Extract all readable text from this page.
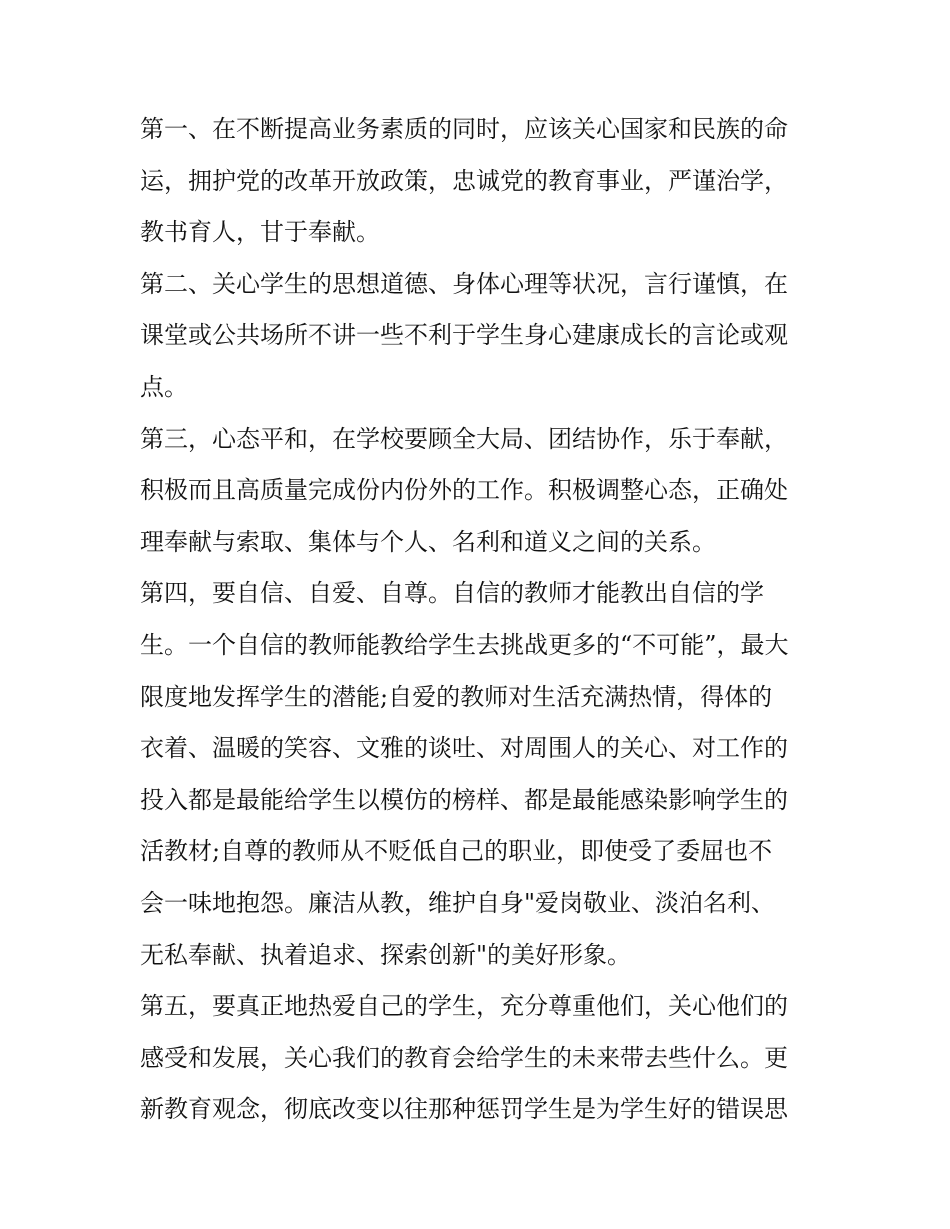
第一、在不断提高业务素质的同时，应该关心国家和民族的命
运，拥护党的改革开放政策，忠诚党的教育事业，严谨治学，
教书育人，甘于奉献。
第二、关心学生的思想道德、身体心理等状况，言行谨慎，在
课堂或公共场所不讲一些不利于学生身心建康成长的言论或观
点。
第三，心态平和，在学校要顾全大局、团结协作，乐于奉献，
积极而且高质量完成份内份外的工作。积极调整心态，正确处
理奉献与索取、集体与个人、名利和道义之间的关系。
第四，要自信、自爱、自尊。自信的教师才能教出自信的学
生。一个自信的教师能教给学生去挑战更多的“不可能”，最大
限度地发挥学生的潜能;自爱的教师对生活充满热情，得体的
衣着、温暖的笑容、文雅的谈吐、对周围人的关心、对工作的
投入都是最能给学生以模仿的榜样、都是最能感染影响学生的
活教材;自尊的教师从不贬低自己的职业，即使受了委屈也不
会一味地抱怨。廉洁从教，维护自身"爱岗敬业、淡泊名利、
无私奉献、执着追求、探索创新"的美好形象。
第五，要真正地热爱自己的学生，充分尊重他们，关心他们的
感受和发展，关心我们的教育会给学生的未来带去些什么。更
新教育观念，彻底改变以往那种惩罚学生是为学生好的错误思
